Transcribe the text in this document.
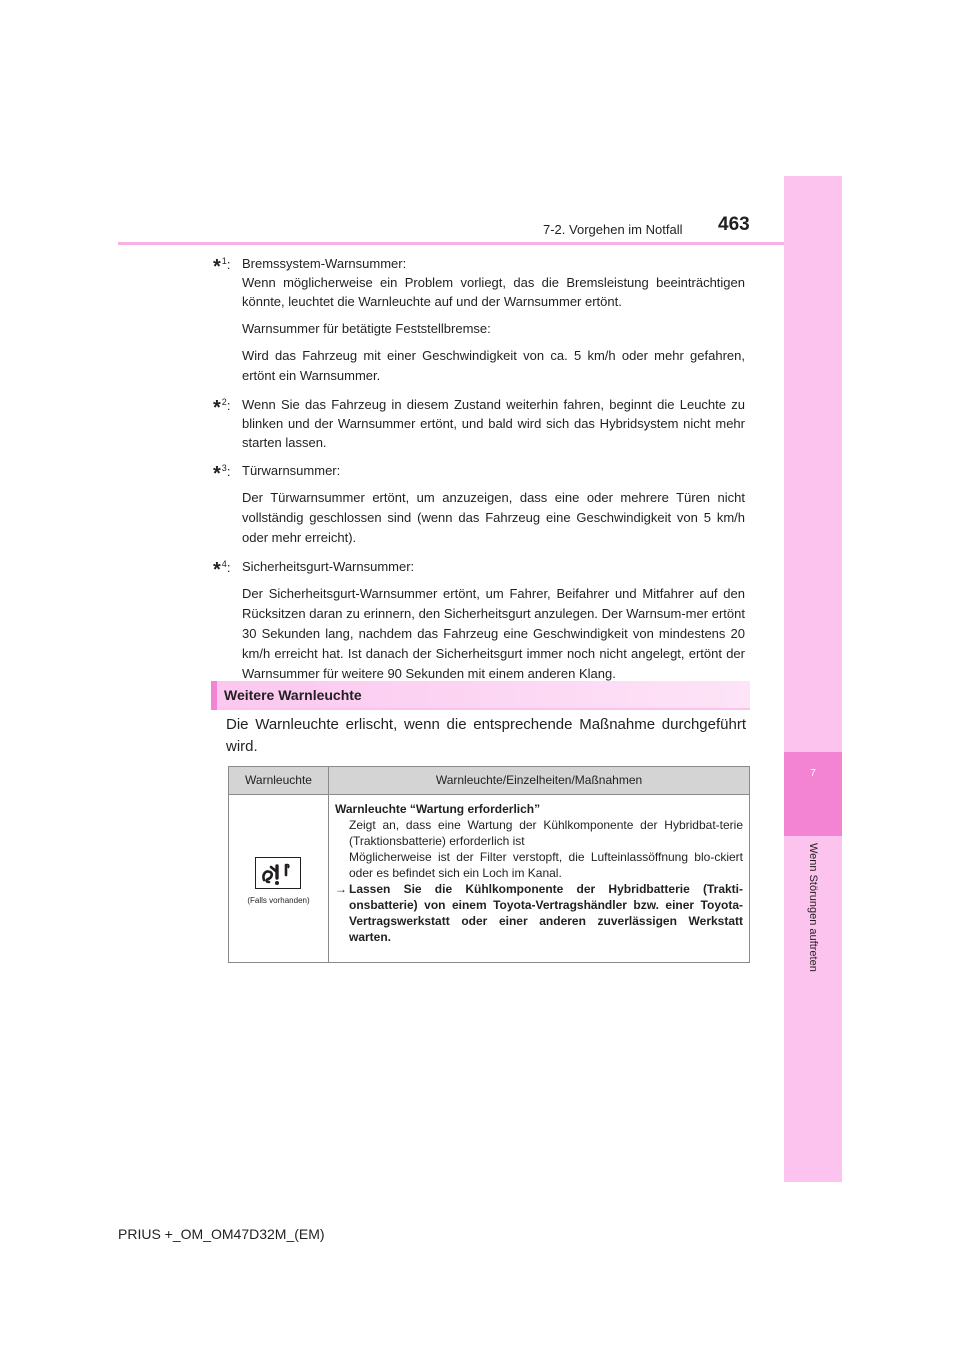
7
Wenn Störungen auftreten
7-2. Vorgehen im Notfall 463
*$^1$: Bremssystem-Warnsummer:
Wenn möglicherweise ein Problem vorliegt, das die Bremsleistung beeinträchtigen könnte, leuchtet die Warnleuchte auf und der Warnsummer ertönt.

Warnsummer für betätigte Feststellbremse:

Wird das Fahrzeug mit einer Geschwindigkeit von ca. 5 km/h oder mehr gefahren, ertönt ein Warnsummer.

*$^2$: Wenn Sie das Fahrzeug in diesem Zustand weiterhin fahren, beginnt die Leuchte zu blinken und der Warnsummer ertönt, und bald wird sich das Hybridsystem nicht mehr starten lassen.

*$^3$: Türwarnsummer:

Der Türwarnsummer ertönt, um anzuzeigen, dass eine oder mehrere Türen nicht vollständig geschlossen sind (wenn das Fahrzeug eine Geschwindigkeit von 5 km/h oder mehr erreicht).

*$^4$: Sicherheitsgurt-Warnsummer:

Der Sicherheitsgurt-Warnsummer ertönt, um Fahrer, Beifahrer und Mitfahrer auf den Rücksitzen daran zu erinnern, den Sicherheitsgurt anzulegen. Der Warnsum-mer ertönt 30 Sekunden lang, nachdem das Fahrzeug eine Geschwindigkeit von mindestens 20 km/h erreicht hat. Ist danach der Sicherheitsgurt immer noch nicht angelegt, ertönt der Warnsummer für weitere 90 Sekunden mit einem anderen Klang.

Weitere Warnleuchte
Die Warnleuchte erlischt, wenn die entsprechende Maßnahme durchgeführt wird.
Warnleuchte	Warnleuchte/Einzelheiten/Maßnahmen
(Falls vorhanden)
Warnleuchte “Wartung erforderlich”
Zeigt an, dass eine Wartung der Kühlkomponente der Hybridbat-terie (Traktionsbatterie) erforderlich ist
Möglicherweise ist der Filter verstopft, die Lufteinlassöffnung blo-ckiert oder es befindet sich ein Loch im Kanal.
→ Lassen Sie die Kühlkomponente der Hybridbatterie (Trakti-onsbatterie) von einem Toyota-Vertragshändler bzw. einer Toyota-Vertragswerkstatt oder einer anderen zuverlässigen Werkstatt warten.
PRIUS +_OM_OM47D32M_(EM)
